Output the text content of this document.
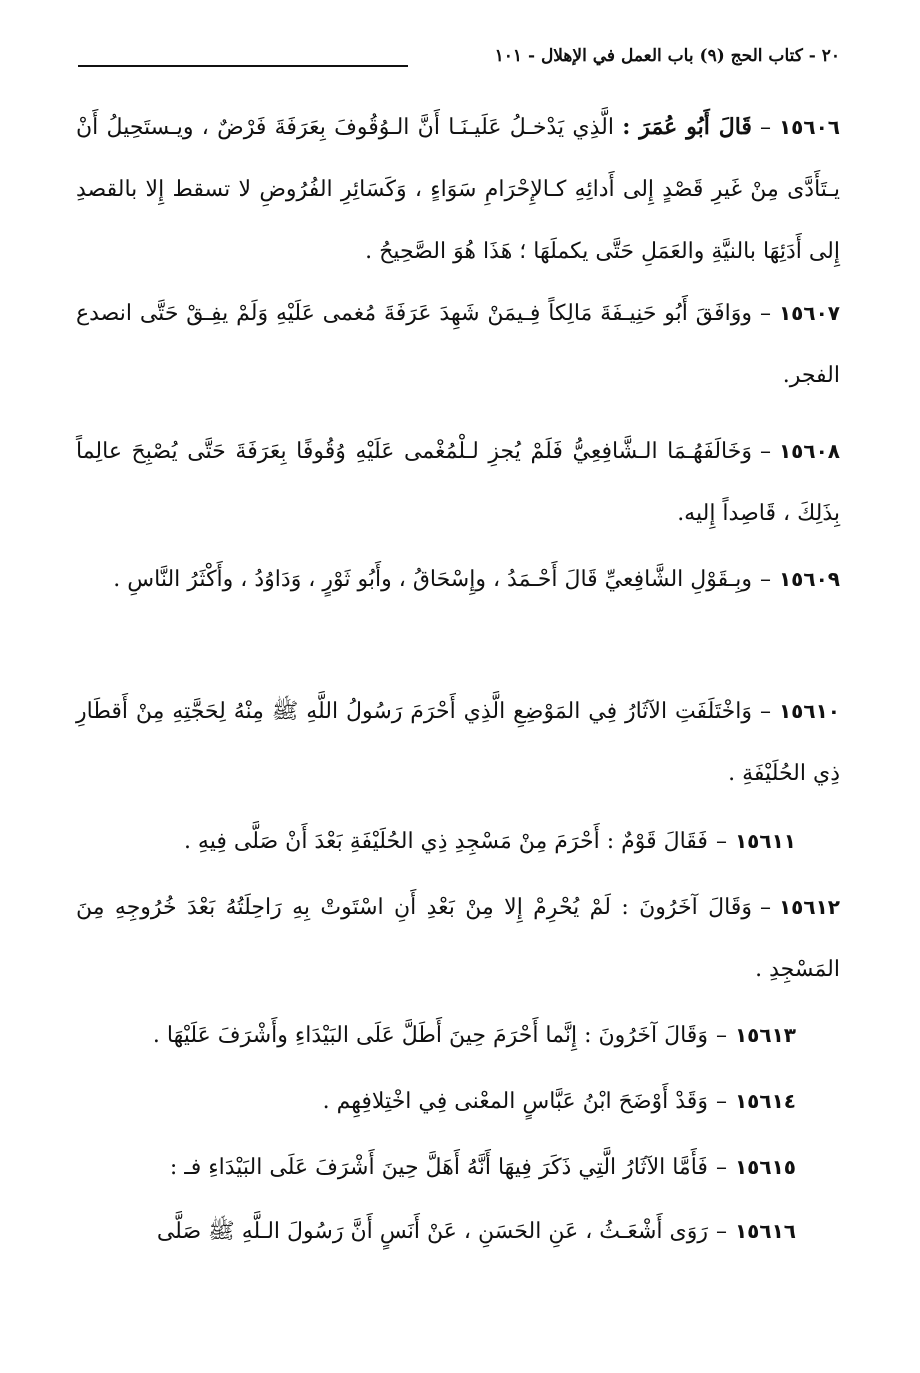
٢٠ - كتاب الحج (٩) باب العمل في الإهلال - ١٠١

١٥٦٠٦–قَالَ أَبُو عُمَرَ : الَّذِي يَدْخـلُ عَلَيـنَـا أَنَّ الـوُقُوفَ بِعَرَفَةَ فَرْضٌ ، ويـستَحِيلُ أَنْ يـتَأَدَّى مِنْ غَيرِ قَصْدٍ إِلى أَدائِهِ كـالإِحْرَامِ سَوَاءٍ ، وَكَسَائِرِ الفُرُوضِ لا تسقط إِلا بالقصدِ إِلى أَدَئِهَا بالنيَّةِ والعَمَلِ حَتَّى يكملَهَا ؛ هَذَا هُوَ الصَّحِيحُ .

١٥٦٠٧–ووَافَقَ أَبُو حَنِيـفَةَ مَالِكاً فِـيمَنْ شَهِدَ عَرَفَةَ مُغمى عَلَيْهِ وَلَمْ يفِـقْ حَتَّى انصدع الفجر.

١٥٦٠٨–وَخَالَفَهُـمَا الـشَّافِعِيُّ فَلَمْ يُجزِ لـلْمُغْمى عَلَيْهِ وُقُوفًا بِعَرَفَةَ حَتَّى يُصْبِحَ عالِماً بِذَلِكَ ، قَاصِداً إِليه.

١٥٦٠٩–وبِـقَوْلِ الشَّافِعيِّ قَالَ أَحْـمَدُ ، وإِسْحَاقُ ، وأَبُو ثَوْرٍ ، وَدَاوُدُ ، وأَكْثَرُ النَّاسِ .

١٥٦١٠–وَاخْتَلَفَتِ الآثَارُ فِي المَوْضِعِ الَّذِي أَحْرَمَ رَسُولُ اللَّهِ ﷺ مِنْهُ لِحَجَّتِهِ مِنْ أَقطَارِ ذِي الحُلَيْفَةِ .

١٥٦١١–فَقَالَ قَوْمٌ : أَحْرَمَ مِنْ مَسْجِدِ ذِي الحُلَيْفَةِ بَعْدَ أَنْ صَلَّى فِيهِ .

١٥٦١٢–وَقَالَ آخَرُونَ : لَمْ يُحْرِمْ إِلا مِنْ بَعْدِ أَنِ اسْتَوتْ بِهِ رَاحِلَتُهُ بَعْدَ خُرُوجِهِ مِنَ المَسْجِدِ .

١٥٦١٣–وَقَالَ آخَرُونَ : إِنَّما أَحْرَمَ حِينَ أَطَلَّ عَلَى البَيْدَاءِ وأَشْرَفَ عَلَيْهَا .

١٥٦١٤–وَقَدْ أَوْضَحَ ابْنُ عَبَّاسٍ المعْنى فِي اخْتِلافِهِم .

١٥٦١٥–فَأَمَّا الآثَارُ الَّتِي ذَكَرَ فِيهَا أَنَّهُ أَهَلَّ حِينَ أَشْرَفَ عَلَى البَيْدَاءِ فـ :

١٥٦١٦–رَوَى أَشْعَـثُ ، عَنِ الحَسَنِ ، عَنْ أَنَسٍ أَنَّ رَسُولَ الـلَّهِ ﷺ صَلَّى
